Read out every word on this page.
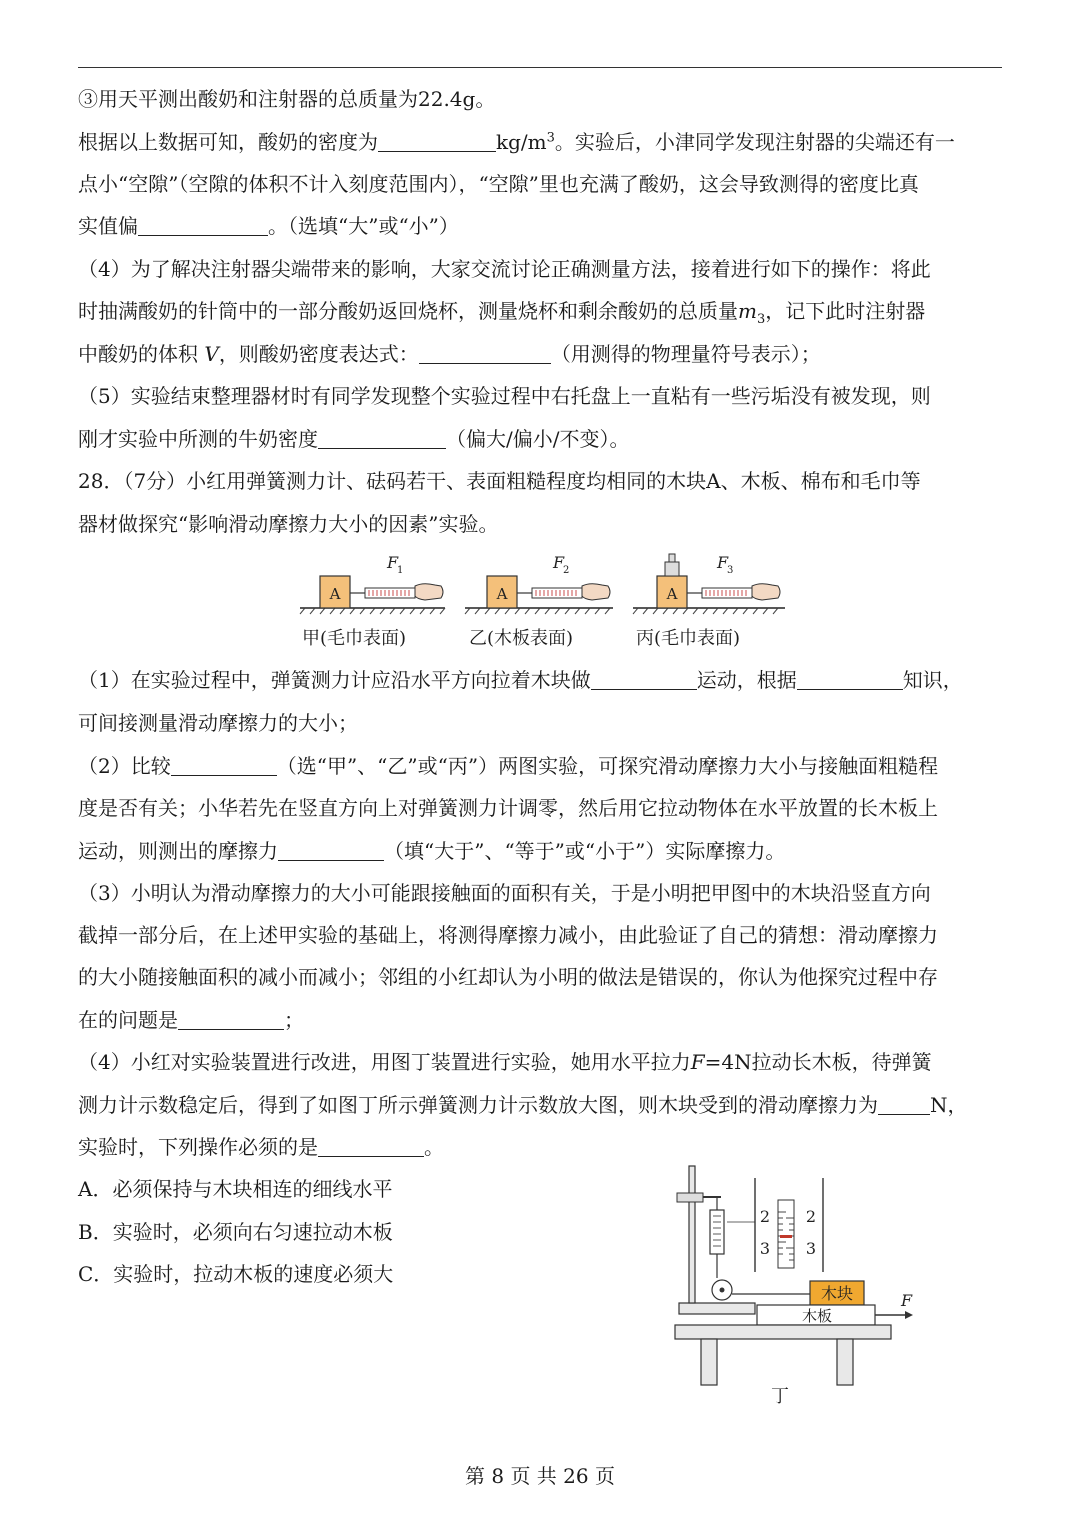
③用天平测出酸奶和注射器的总质量为22.4g。
根据以上数据可知，酸奶的密度为	$kg/m^3$。实验后，小津同学发现注射器的尖端还有一
点小“空隙”（空隙的体积不计入刻度范围内），“空隙”里也充满了酸奶，这会导致测得的密度比真
实值偏	。（选填“大”或“小”）
（4）为了解决注射器尖端带来的影响，大家交流讨论正确测量方法，接着进行如下的操作：将此
时抽满酸奶的针筒中的一部分酸奶返回烧杯，测量烧杯和剩余酸奶的总质量$m_3$，记下此时注射器
中酸奶的体积 V，则酸奶密度表达式：	（用测得的物理量符号表示）；
（5）实验结束整理器材时有同学发现整个实验过程中右托盘上一直粘有一些污垢没有被发现，则
刚才实验中所测的牛奶密度	（偏大/偏小/不变）。
28．（7分）小红用弹簧测力计、砝码若干、表面粗糙程度均相同的木块A、木板、棉布和毛巾等
器材做探究“影响滑动摩擦力大小的因素”实验。
A
F
1
A
F
2
A
F
3
甲(毛巾表面)	乙(木板表面)	丙(毛巾表面)
（1）在实验过程中，弹簧测力计应沿水平方向拉着木块做	运动，根据	知识，
可间接测量滑动摩擦力的大小；
（2）比较	（选“甲”、“乙”或“丙”）两图实验，可探究滑动摩擦力大小与接触面粗糙程
度是否有关；小华若先在竖直方向上对弹簧测力计调零，然后用它拉动物体在水平放置的长木板上
运动，则测出的摩擦力	（填“大于”、“等于”或“小于”）实际摩擦力。
（3）小明认为滑动摩擦力的大小可能跟接触面的面积有关，于是小明把甲图中的木块沿竖直方向
截掉一部分后，在上述甲实验的基础上，将测得摩擦力减小，由此验证了自己的猜想：滑动摩擦力
的大小随接触面积的减小而减小；邻组的小红却认为小明的做法是错误的，你认为他探究过程中存
在的问题是	；
（4）小红对实验装置进行改进，用图丁装置进行实验，她用水平拉力F=4N拉动长木板，待弹簧
测力计示数稳定后，得到了如图丁所示弹簧测力计示数放大图，则木块受到的滑动摩擦力为	N，
实验时，下列操作必须的是	。
A．必须保持与木块相连的细线水平
B．实验时，必须向右匀速拉动木板
C．实验时，拉动木板的速度必须大
2 2
3 3
木块
木板
F
丁
第 8 页 共 26 页
